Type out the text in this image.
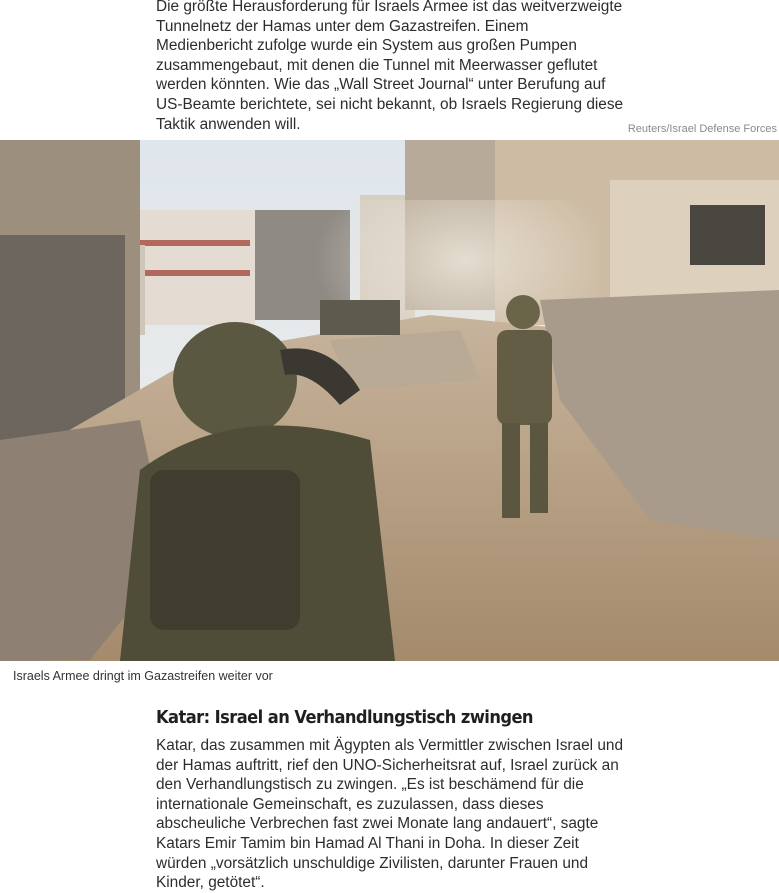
Die größte Herausforderung für Israels Armee ist das weitverzweigte Tunnelnetz der Hamas unter dem Gazastreifen. Einem Medienbericht zufolge wurde ein System aus großen Pumpen zusammengebaut, mit denen die Tunnel mit Meerwasser geflutet werden könnten. Wie das „Wall Street Journal“ unter Berufung auf US-Beamte berichtete, sei nicht bekannt, ob Israels Regierung diese Taktik anwenden will.	Reuters/Israel Defense Forces
Israels Armee dringt im Gazastreifen weiter vor
Katar: Israel an Verhandlungstisch zwingen
Katar, das zusammen mit Ägypten als Vermittler zwischen Israel und der Hamas auftritt, rief den UNO-Sicherheitsrat auf, Israel zurück an den Verhandlungstisch zu zwingen. „Es ist beschämend für die internationale Gemeinschaft, es zuzulassen, dass dieses abscheuliche Verbrechen fast zwei Monate lang andauert“, sagte Katars Emir Tamim bin Hamad Al Thani in Doha. In dieser Zeit würden „vorsätzlich unschuldige Zivilisten, darunter Frauen und Kinder, getötet“.
